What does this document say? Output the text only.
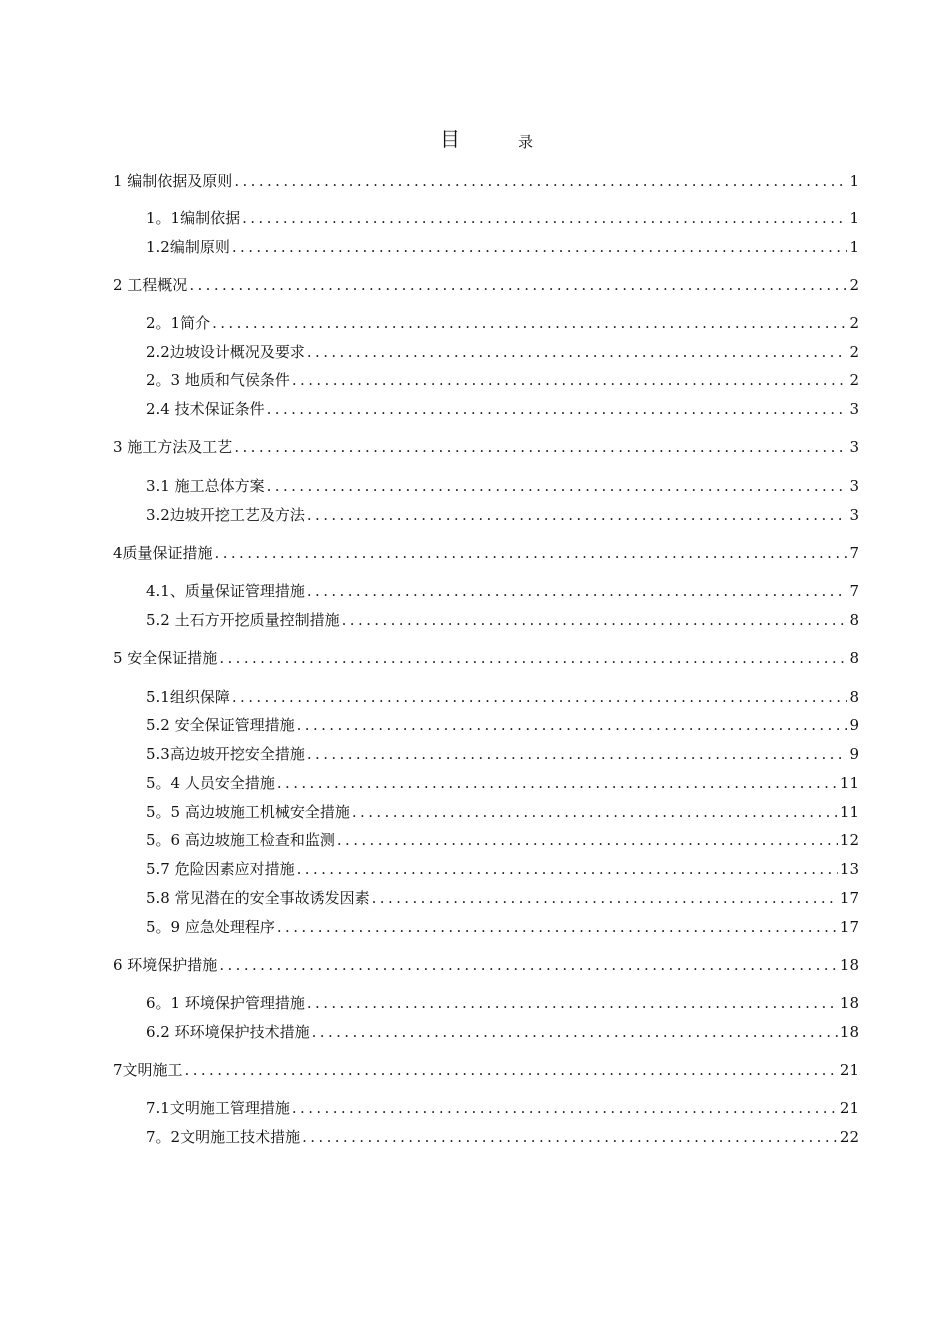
目	录
1 编制依据及原则 .....	1
1。1编制依据 .....	1
1.2编制原则 .....	1
2 工程概况 .....	2
2。1简介 .....	2
2.2边坡设计概况及要求 .....	2
2。3 地质和气侯条件 .....	2
2.4 技术保证条件 .....	3
3 施工方法及工艺 .....	3
3.1 施工总体方案 .....	3
3.2边坡开挖工艺及方法 .....	3
4质量保证措施 .....	7
4.1、质量保证管理措施 .....	7
5.2 土石方开挖质量控制措施 .....	8
5 安全保证措施 .....	8
5.1组织保障 .....	8
5.2 安全保证管理措施 .....	9
5.3高边坡开挖安全措施 .....	9
5。4 人员安全措施 .....	11
5。5 高边坡施工机械安全措施 .....	11
5。6 高边坡施工检查和监测 .....	12
5.7 危险因素应对措施 .....	13
5.8 常见潜在的安全事故诱发因素 .....	17
5。9 应急处理程序 .....	17
6 环境保护措施 .....	18
6。1 环境保护管理措施 .....	18
6.2 环环境保护技术措施 .....	18
7文明施工 .....	21
7.1文明施工管理措施 .....	21
7。2文明施工技术措施 .....	22
